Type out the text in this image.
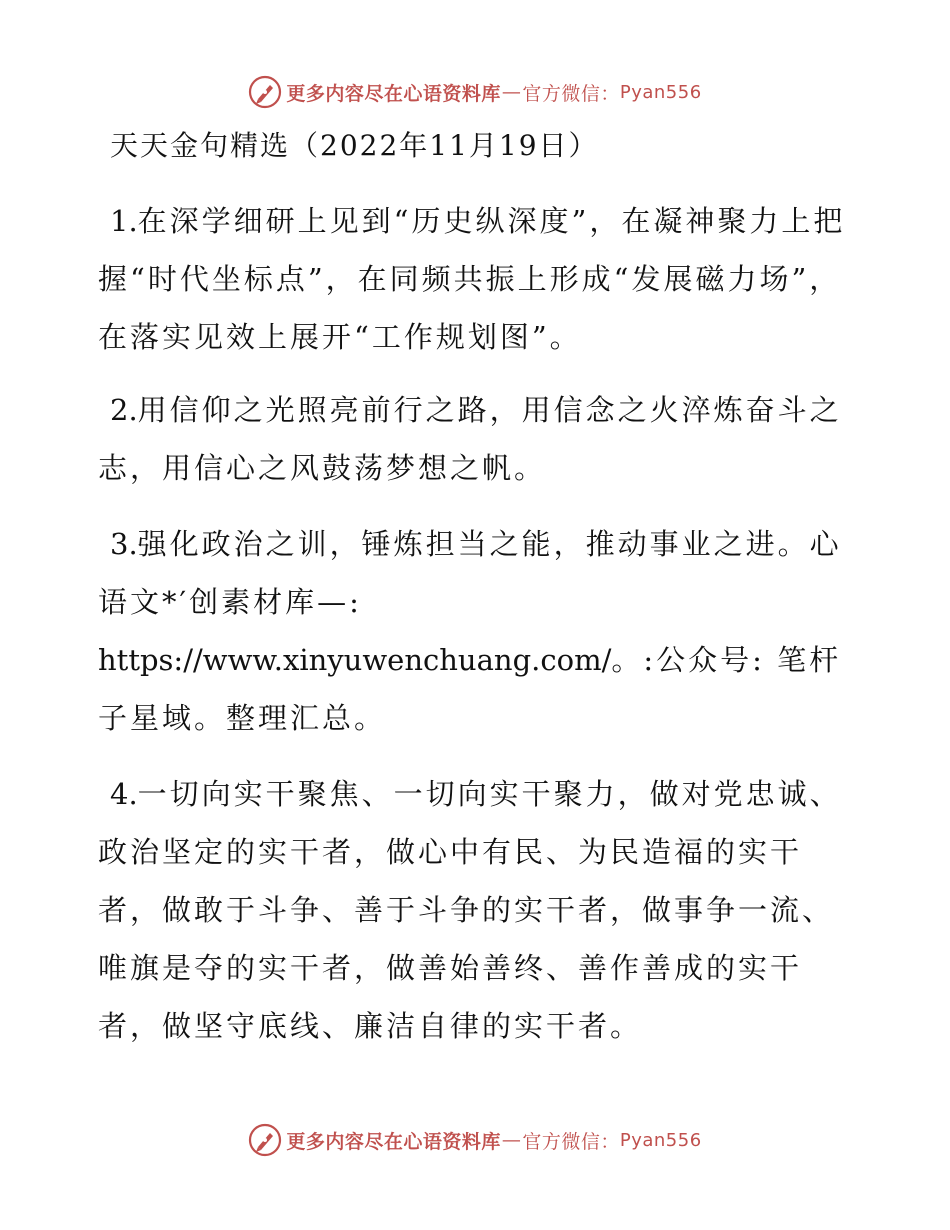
更多内容尽在心语资料库 — 官方微信： Pyan556
天天金句精选（2022年11月19日）

1.在深学细研上见到“历史纵深度”，在凝神聚力上把握“时代坐标点”，在同频共振上形成“发展磁力场”，在落实见效上展开“工作规划图”。

2.用信仰之光照亮前行之路，用信念之火淬炼奋斗之志，用信心之风鼓荡梦想之帆。

3.强化政治之训，锤炼担当之能，推动事业之进。心语文*′创素材库—: https://www.xinyuwenchuang.com/。:公众号: 笔杆子星域。整理汇总。

4.一切向实干聚焦、一切向实干聚力，做对党忠诚、政治坚定的实干者，做心中有民、为民造福的实干者，做敢于斗争、善于斗争的实干者，做事争一流、唯旗是夺的实干者，做善始善终、善作善成的实干者，做坚守底线、廉洁自律的实干者。

更多内容尽在心语资料库 — 官方微信： Pyan556
